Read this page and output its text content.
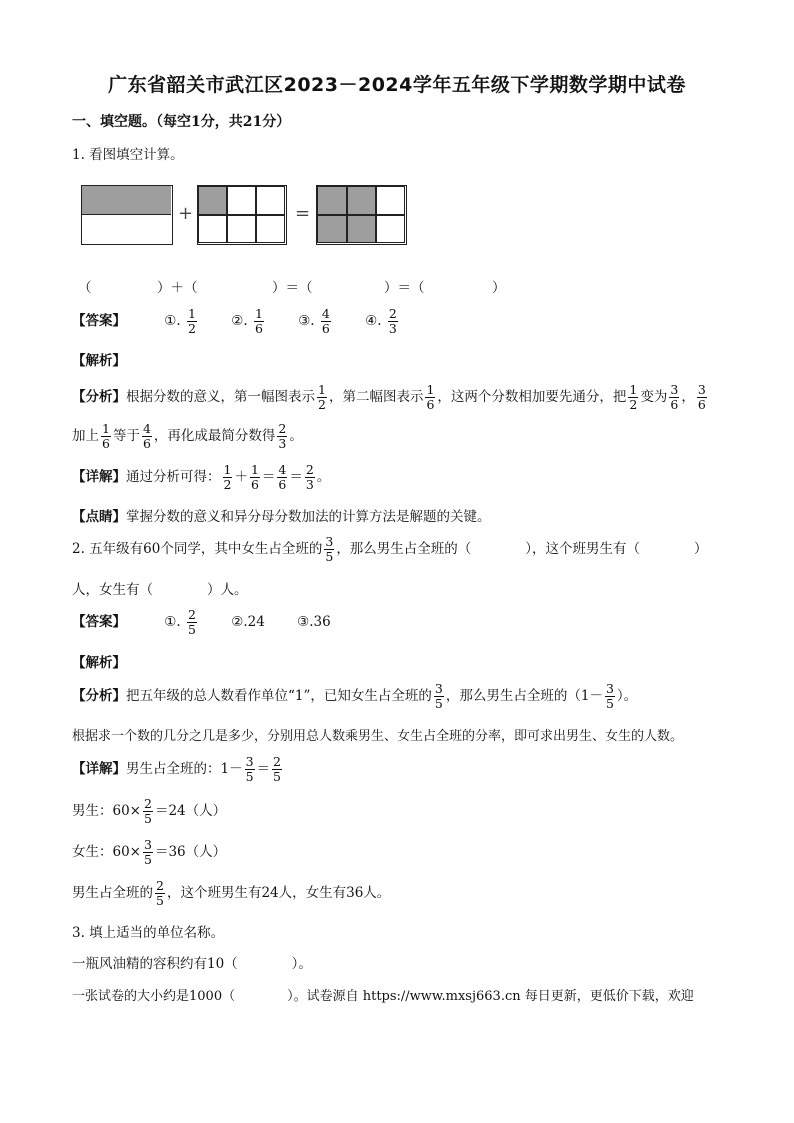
广东省韶关市武江区2023－2024学年五年级下学期数学期中试卷
一、填空题。（每空1分，共21分）
1. 看图填空计算。
+	=
（	）＋（	）＝（	）＝（	）
【答案】	①. $\frac{1}{2}$	②. $\frac{1}{6}$	③. $\frac{4}{6}$	④. $\frac{2}{3}$
【解析】
【分析】根据分数的意义，第一幅图表示 $\frac{1}{2}$ ，第二幅图表示 $\frac{1}{6}$ ，这两个分数相加要先通分，把 $\frac{1}{2}$ 变为 $\frac{3}{6}$ ， $\frac{3}{6}$
加上 $\frac{1}{6}$ 等于 $\frac{4}{6}$ ，再化成最简分数得 $\frac{2}{3}$ 。
【详解】通过分析可得： $\frac{1}{2} + \frac{1}{6} = \frac{4}{6} = \frac{2}{3}$ 。
【点睛】掌握分数的意义和异分母分数加法的计算方法是解题的关键。
2. 五年级有60个同学，其中女生占全班的 $\frac{3}{5}$ ，那么男生占全班的（　　　　），这个班男生有（　　　　）
人，女生有（　　　　）人。
【答案】	①. $\frac{2}{5}$	②.24 ③.36
【解析】
【分析】把五年级的总人数看作单位“1”，已知女生占全班的 $\frac{3}{5}$ ，那么男生占全班的（$1- \frac{3}{5}$ ）。
根据求一个数的几分之几是多少，分别用总人数乘男生、女生占全班的分率，即可求出男生、女生的人数。
【详解】男生占全班的：$1- \frac{3}{5} = \frac{2}{5}$
男生：$60\times \frac{2}{5} =24$（人）
女生：$60\times \frac{3}{5} =36$（人）
男生占全班的 $\frac{2}{5}$ ，这个班男生有24人，女生有36人。
3. 填上适当的单位名称。
一瓶风油精的容积约有10（　　　　）。
一张试卷的大小约是1000（　　　　）。试卷源自 https://www.mxsj663.cn 每日更新，更低价下载，欢迎
